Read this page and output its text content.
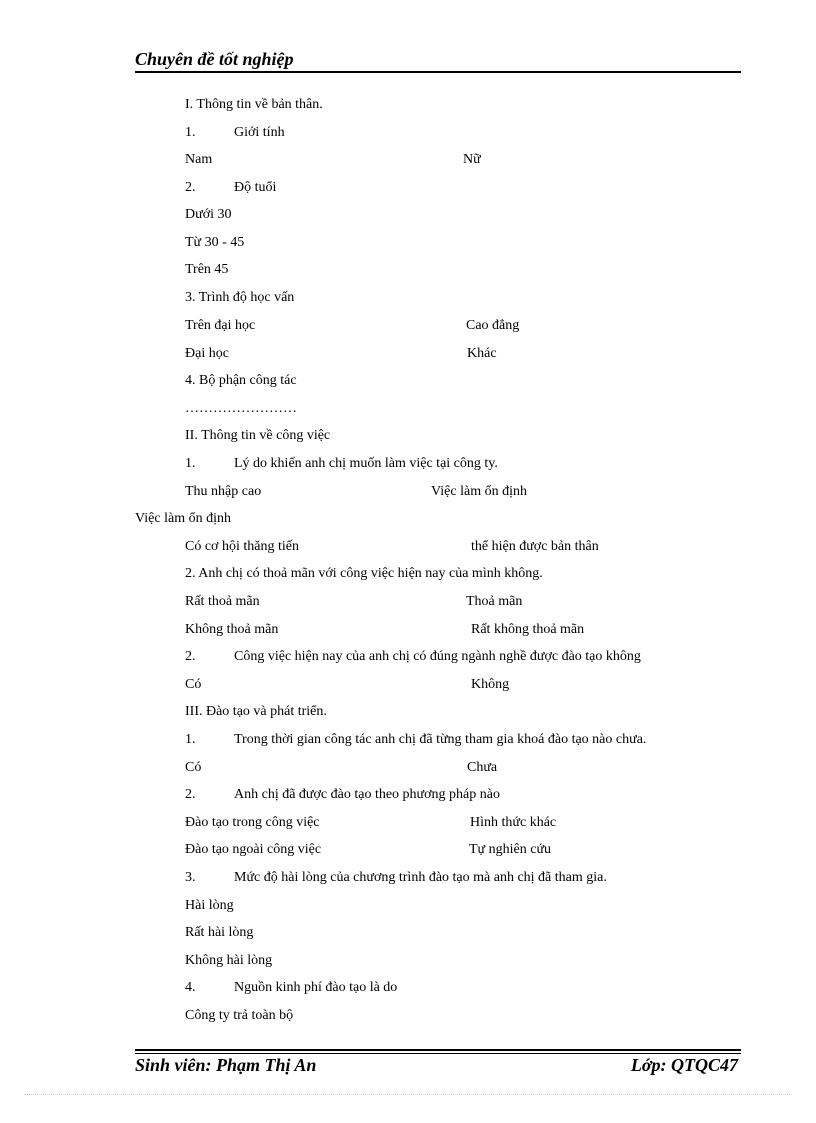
Chuyên đề tốt nghiệp
I. Thông tin về bản thân.
1.	Giới tính
Nam	Nữ
2.	Độ tuổi
Dưới 30
Từ 30 - 45
Trên 45
3. Trình độ học vấn
Trên đại học	Cao đẳng
Đại học	Khác
4. Bộ phận công tác
……………………
II. Thông tin về công việc
1.	Lý do khiến anh chị muốn làm việc tại công ty.
Thu nhập cao	Việc làm ổn định
Việc làm ổn định
Có cơ hội thăng tiến	thể hiện được bản thân
2. Anh chị có thoả mãn với công việc hiện nay của mình không.
Rất thoả mãn	Thoả mãn
Không thoả mãn	Rất không thoả mãn
2.	Công việc hiện nay của anh chị có đúng ngành nghề được đào tạo không
Có	Không
III. Đào tạo và phát triển.
1.	Trong thời gian công tác anh chị đã từng tham gia khoá đào tạo nào chưa.
Có	Chưa
2.	Anh chị đã được đào tạo theo phương pháp nào
Đào tạo trong công việc	Hình thức khác
Đào tạo ngoài công việc	Tự nghiên cứu
3.	Mức độ hài lòng của chương trình đào tạo mà anh chị đã tham gia.
Hài lòng
Rất hài lòng
Không hài lòng
4.	Nguồn kinh phí đào tạo là do
Công ty trả toàn bộ
Sinh viên: Phạm Thị An	Lớp: QTQC47
